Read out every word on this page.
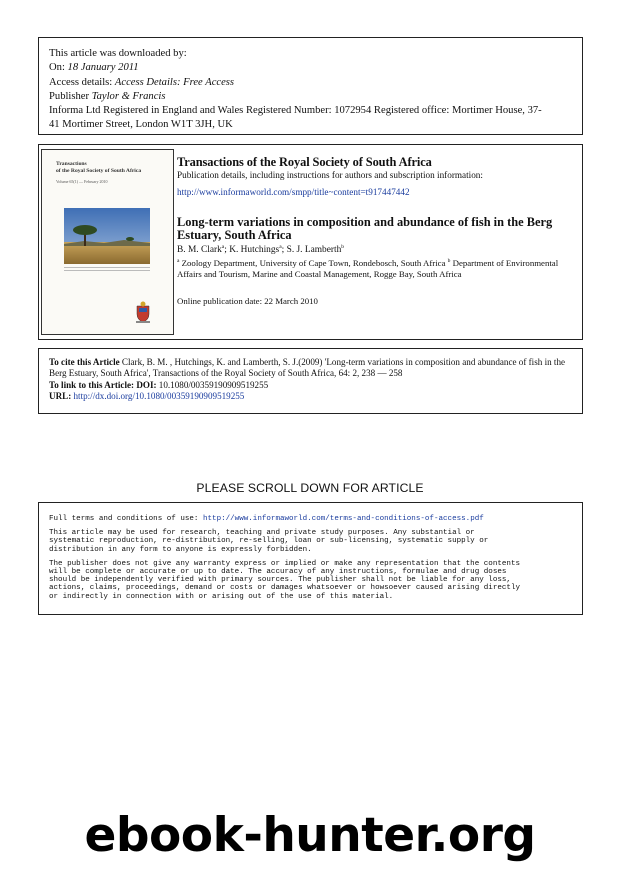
This article was downloaded by:
On: 18 January 2011
Access details: Access Details: Free Access
Publisher Taylor & Francis
Informa Ltd Registered in England and Wales Registered Number: 1072954 Registered office: Mortimer House, 37-
41 Mortimer Street, London W1T 3JH, UK
Transactions
of the Royal Society of South Africa
Volume 65(1) — February 2010
Transactions of the Royal Society of South Africa
Publication details, including instructions for authors and subscription information:
http://www.informaworld.com/smpp/title~content=t917447442
Long-term variations in composition and abundance of fish in the Berg Estuary, South Africa
B. M. Clark$^a$; K. Hutchings$^a$; S. J. Lamberth$^b$
$^a$ Zoology Department, University of Cape Town, Rondebosch, South Africa $^b$ Department of Environmental Affairs and Tourism, Marine and Coastal Management, Rogge Bay, South Africa
Online publication date: 22 March 2010
To cite this Article Clark, B. M. , Hutchings, K. and Lamberth, S. J.(2009) 'Long-term variations in composition and abundance of fish in the Berg Estuary, South Africa', Transactions of the Royal Society of South Africa, 64: 2, 238 — 258
To link to this Article: DOI: 10.1080/00359190909519255
URL: http://dx.doi.org/10.1080/00359190909519255
PLEASE SCROLL DOWN FOR ARTICLE

Full terms and conditions of use: http://www.informaworld.com/terms-and-conditions-of-access.pdf

This article may be used for research, teaching and private study purposes. Any substantial or
systematic reproduction, re-distribution, re-selling, loan or sub-licensing, systematic supply or
distribution in any form to anyone is expressly forbidden.

The publisher does not give any warranty express or implied or make any representation that the contents
will be complete or accurate or up to date. The accuracy of any instructions, formulae and drug doses
should be independently verified with primary sources. The publisher shall not be liable for any loss,
actions, claims, proceedings, demand or costs or damages whatsoever or howsoever caused arising directly
or indirectly in connection with or arising out of the use of this material.

ebook-hunter.org
